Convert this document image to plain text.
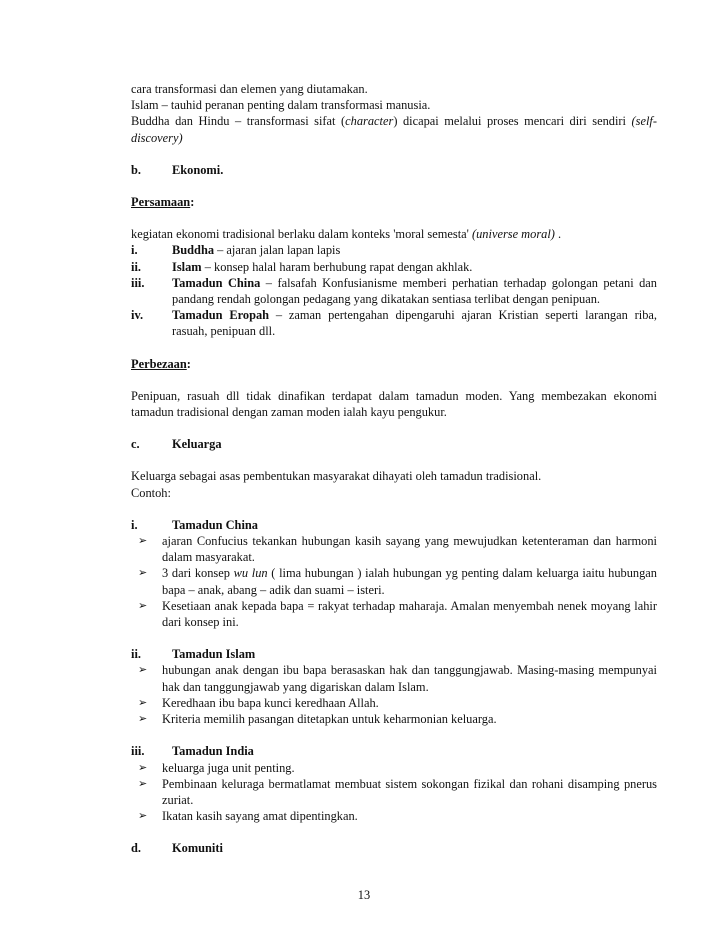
cara transformasi dan elemen yang diutamakan.

Islam – tauhid peranan penting dalam transformasi manusia.

Buddha dan Hindu – transformasi sifat (character) dicapai melalui proses mencari diri sendiri (self-discovery)

b.	Ekonomi.

Persamaan:

kegiatan ekonomi tradisional berlaku dalam konteks 'moral semesta' (universe moral) .

i.	Buddha – ajaran jalan lapan lapis
ii.	Islam – konsep halal haram berhubung rapat dengan akhlak.
iii.	Tamadun China – falsafah Konfusianisme memberi perhatian terhadap golongan petani dan pandang rendah golongan pedagang yang dikatakan sentiasa terlibat dengan penipuan.
iv.	Tamadun Eropah – zaman pertengahan dipengaruhi ajaran Kristian seperti larangan riba, rasuah, penipuan dll.

Perbezaan:

Penipuan, rasuah dll tidak dinafikan terdapat dalam tamadun moden. Yang membezakan ekonomi tamadun tradisional dengan zaman moden ialah kayu pengukur.

c.	Keluarga

Keluarga sebagai asas pembentukan masyarakat dihayati oleh tamadun tradisional.

Contoh:

i.	Tamadun China
➢	ajaran Confucius tekankan hubungan kasih sayang yang mewujudkan ketenteraman dan harmoni dalam masyarakat.
➢	3 dari konsep wu lun ( lima hubungan ) ialah hubungan yg penting dalam keluarga iaitu hubungan bapa – anak, abang – adik dan suami – isteri.
➢	Kesetiaan anak kepada bapa = rakyat terhadap maharaja. Amalan menyembah nenek moyang lahir dari konsep ini.
ii.	Tamadun Islam
➢	hubungan anak dengan ibu bapa berasaskan hak dan tanggungjawab. Masing-masing mempunyai hak dan tanggungjawab yang digariskan dalam Islam.
➢	Keredhaan ibu bapa kunci keredhaan Allah.
➢	Kriteria memilih pasangan ditetapkan untuk keharmonian keluarga.
iii.	Tamadun India
➢	keluarga juga unit penting.
➢	Pembinaan keluraga bermatlamat membuat sistem sokongan fizikal dan rohani disamping pnerus zuriat.
➢	Ikatan kasih sayang amat dipentingkan.
d.	Komuniti
13
